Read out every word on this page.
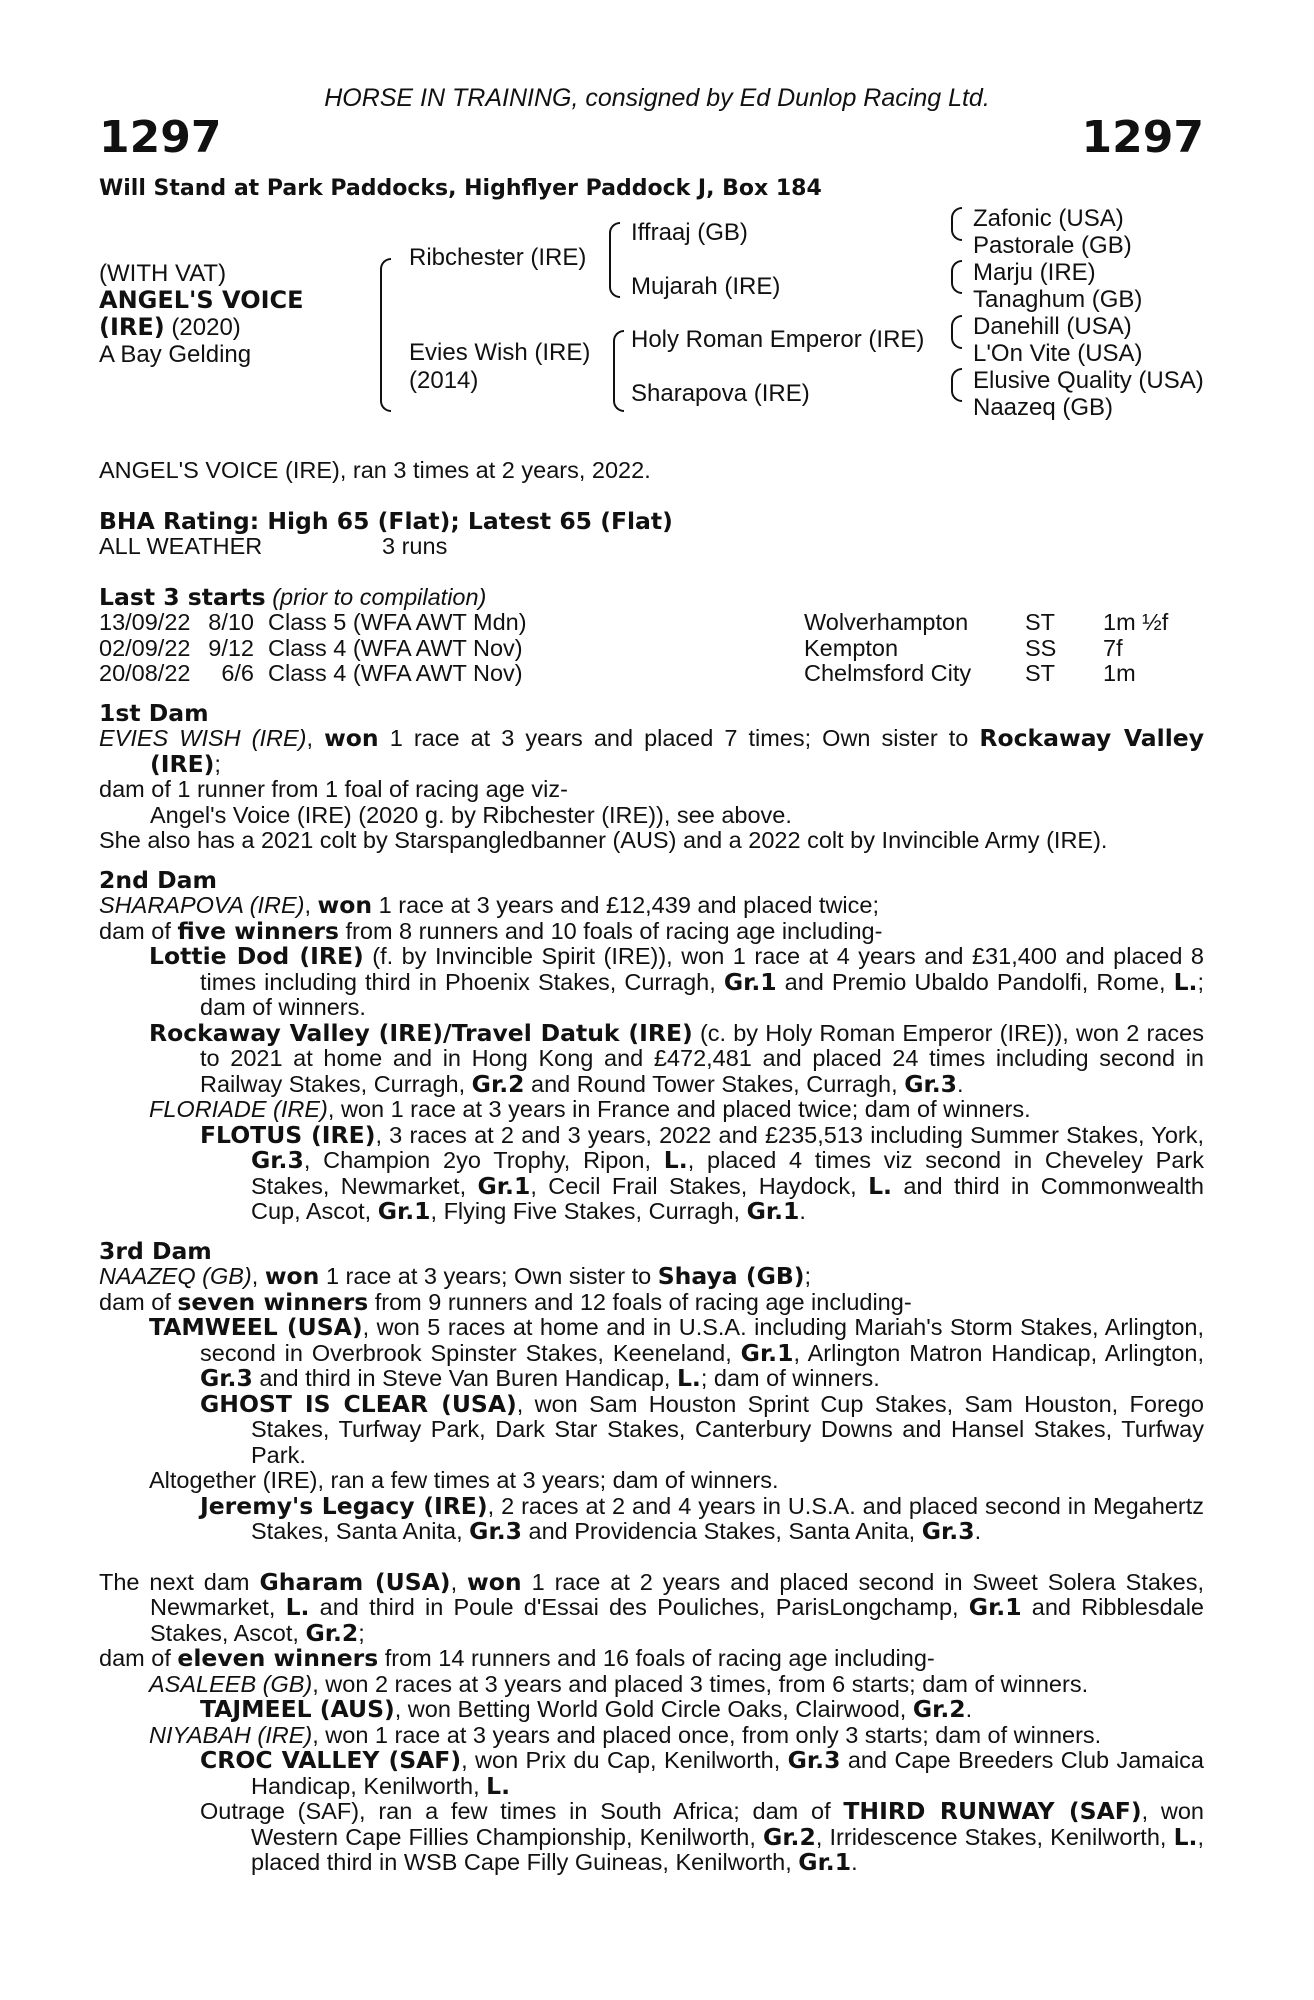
HORSE IN TRAINING, consigned by Ed Dunlop Racing Ltd.
1297	1297
Will Stand at Park Paddocks, Highflyer Paddock J, Box 184
(WITH VAT)
ANGEL'S VOICE
(IRE) (2020)
A Bay Gelding
Ribchester (IRE)
Evies Wish (IRE)
(2014)
Iffraaj (GB)
Mujarah (IRE)
Holy Roman Emperor (IRE)
Sharapova (IRE)
Zafonic (USA)
Pastorale (GB)
Marju (IRE)
Tanaghum (GB)
Danehill (USA)
L'On Vite (USA)
Elusive Quality (USA)
Naazeq (GB)

ANGEL'S VOICE (IRE), ran 3 times at 2 years, 2022.

BHA Rating: High 65 (Flat); Latest 65 (Flat)

ALL WEATHER	3 runs

Last 3 starts (prior to compilation)

13/09/22 8/10 Class 5 (WFA AWT Mdn)	Wolverhampton	ST	1m ½f
02/09/22 9/12 Class 4 (WFA AWT Nov)	Kempton	SS	7f
20/08/22	6/6 Class 4 (WFA AWT Nov)	Chelmsford City	ST	1m

1st Dam

EVIES WISH (IRE), won 1 race at 3 years and placed 7 times; Own sister to Rockaway Valley (IRE);

dam of 1 runner from 1 foal of racing age viz-

Angel's Voice (IRE) (2020 g. by Ribchester (IRE)), see above.

She also has a 2021 colt by Starspangledbanner (AUS) and a 2022 colt by Invincible Army (IRE).

2nd Dam

SHARAPOVA (IRE), won 1 race at 3 years and £12,439 and placed twice;

dam of five winners from 8 runners and 10 foals of racing age including-

Lottie Dod (IRE) (f. by Invincible Spirit (IRE)), won 1 race at 4 years and £31,400 and placed 8 times including third in Phoenix Stakes, Curragh, Gr.1 and Premio Ubaldo Pandolfi, Rome, L.; dam of winners.

Rockaway Valley (IRE)/Travel Datuk (IRE) (c. by Holy Roman Emperor (IRE)), won 2 races to 2021 at home and in Hong Kong and £472,481 and placed 24 times including second in Railway Stakes, Curragh, Gr.2 and Round Tower Stakes, Curragh, Gr.3.

FLORIADE (IRE), won 1 race at 3 years in France and placed twice; dam of winners.

FLOTUS (IRE), 3 races at 2 and 3 years, 2022 and £235,513 including Summer Stakes, York, Gr.3, Champion 2yo Trophy, Ripon, L., placed 4 times viz second in Cheveley Park Stakes, Newmarket, Gr.1, Cecil Frail Stakes, Haydock, L. and third in Commonwealth Cup, Ascot, Gr.1, Flying Five Stakes, Curragh, Gr.1.

3rd Dam

NAAZEQ (GB), won 1 race at 3 years; Own sister to Shaya (GB);

dam of seven winners from 9 runners and 12 foals of racing age including-

TAMWEEL (USA), won 5 races at home and in U.S.A. including Mariah's Storm Stakes, Arlington, second in Overbrook Spinster Stakes, Keeneland, Gr.1, Arlington Matron Handicap, Arlington, Gr.3 and third in Steve Van Buren Handicap, L.; dam of winners.

GHOST IS CLEAR (USA), won Sam Houston Sprint Cup Stakes, Sam Houston, Forego Stakes, Turfway Park, Dark Star Stakes, Canterbury Downs and Hansel Stakes, Turfway Park.

Altogether (IRE), ran a few times at 3 years; dam of winners.

Jeremy's Legacy (IRE), 2 races at 2 and 4 years in U.S.A. and placed second in Megahertz Stakes, Santa Anita, Gr.3 and Providencia Stakes, Santa Anita, Gr.3.

The next dam Gharam (USA), won 1 race at 2 years and placed second in Sweet Solera Stakes, Newmarket, L. and third in Poule d'Essai des Pouliches, ParisLongchamp, Gr.1 and Ribblesdale Stakes, Ascot, Gr.2;

dam of eleven winners from 14 runners and 16 foals of racing age including-

ASALEEB (GB), won 2 races at 3 years and placed 3 times, from 6 starts; dam of winners.

TAJMEEL (AUS), won Betting World Gold Circle Oaks, Clairwood, Gr.2.

NIYABAH (IRE), won 1 race at 3 years and placed once, from only 3 starts; dam of winners.

CROC VALLEY (SAF), won Prix du Cap, Kenilworth, Gr.3 and Cape Breeders Club Jamaica Handicap, Kenilworth, L.

Outrage (SAF), ran a few times in South Africa; dam of THIRD RUNWAY (SAF), won Western Cape Fillies Championship, Kenilworth, Gr.2, Irridescence Stakes, Kenilworth, L., placed third in WSB Cape Filly Guineas, Kenilworth, Gr.1.
